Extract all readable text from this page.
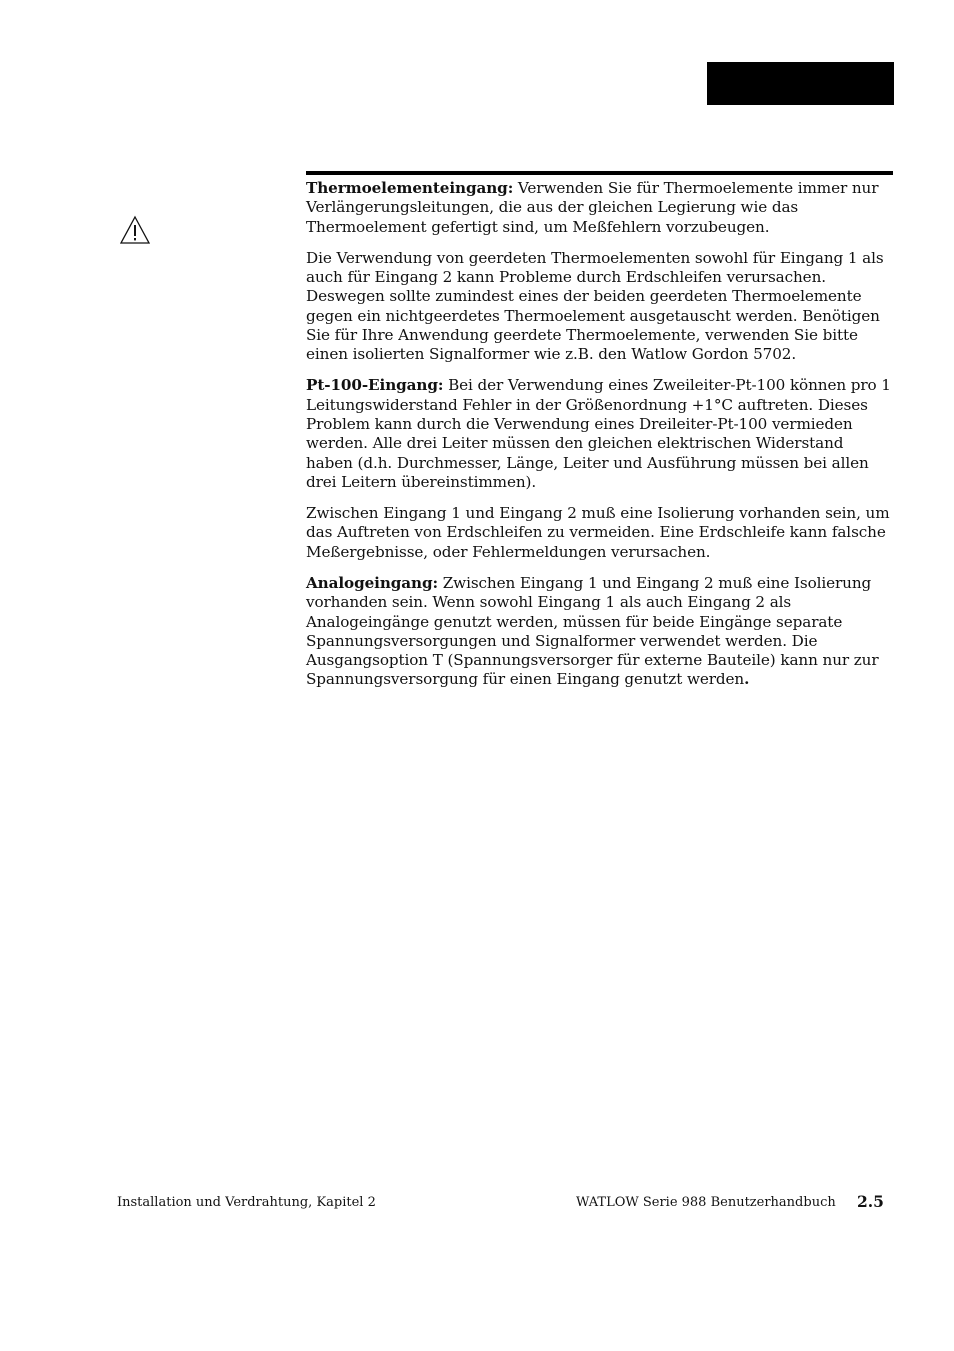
Thermoelementeingang: Verwenden Sie für Thermoelemente immer nur Verlängerungsleitungen, die aus der gleichen Legierung wie das Thermoelement gefertigt sind, um Meßfehlern vorzubeugen.

Die Verwendung von geerdeten Thermoelementen sowohl für Eingang 1 als auch für Eingang 2 kann Probleme durch Erdschleifen verursachen. Deswegen sollte zumindest eines der beiden geerdeten Thermoelemente gegen ein nichtgeerdetes Thermoelement ausgetauscht werden. Benötigen Sie für Ihre Anwendung geerdete Thermoelemente, verwenden Sie bitte einen isolierten Signalformer wie z.B. den Watlow Gordon 5702.

Pt-100-Eingang: Bei der Verwendung eines Zweileiter-Pt-100 können pro 1     Leitungswiderstand Fehler in der Größenordnung +1°C auftreten. Dieses Problem kann durch die Verwendung eines Dreileiter-Pt-100 vermieden werden. Alle drei Leiter müssen den gleichen elektrischen Widerstand haben (d.h. Durchmesser, Länge, Leiter und Ausführung müssen bei allen drei Leitern übereinstimmen).

Zwischen Eingang 1 und Eingang 2 muß eine Isolierung vorhanden sein, um das Auftreten von Erdschleifen zu vermeiden. Eine Erdschleife kann falsche Meßergebnisse, oder Fehlermeldungen verursachen.

Analogeingang: Zwischen Eingang 1 und Eingang 2 muß eine Isolierung vorhanden sein. Wenn sowohl Eingang 1 als auch Eingang 2 als Analogeingänge genutzt werden, müssen für beide Eingänge separate Spannungsversorgungen und Signalformer verwendet werden. Die Ausgangsoption T (Spannungsversorger für externe Bauteile) kann nur zur Spannungsversorgung für einen Eingang genutzt werden.

Installation und Verdrahtung, Kapitel 2	WATLOW Serie 988 Benutzerhandbuch 2.5
